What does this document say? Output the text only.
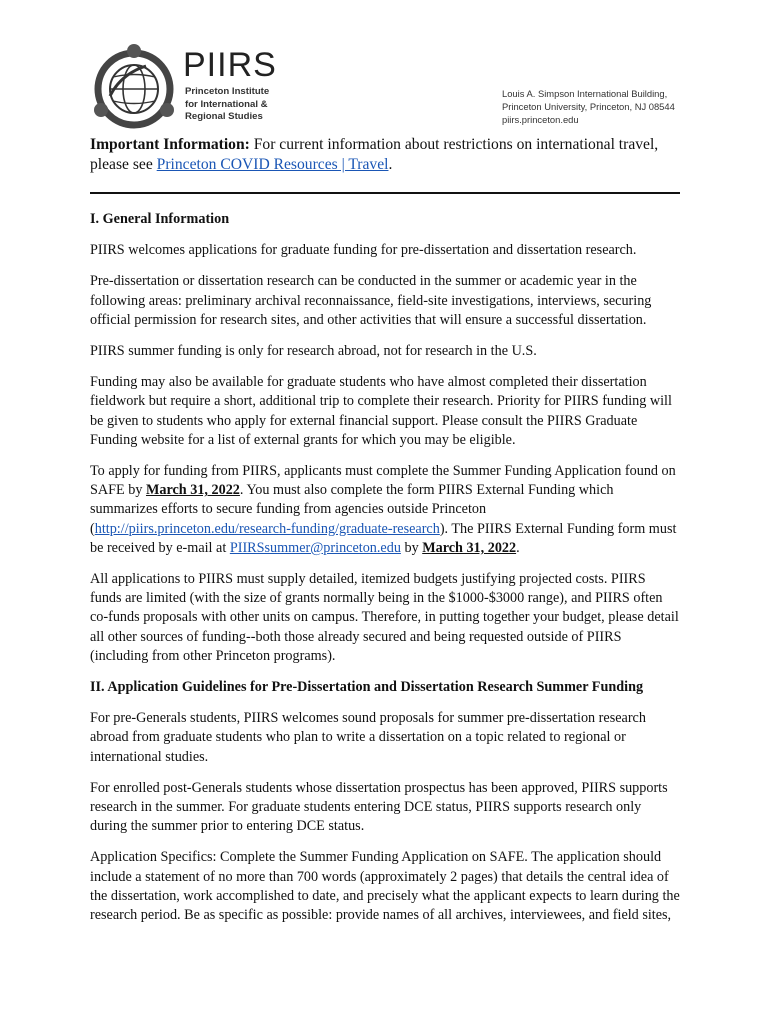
PIIRS
Princeton Institute
for International &
Regional Studies
Louis A. Simpson International Building,
Princeton University, Princeton, NJ 08544
piirs.princeton.edu
Important Information: For current information about restrictions on international travel, please see Princeton COVID Resources | Travel.
I. General Information

PIIRS welcomes applications for graduate funding for pre-dissertation and dissertation research.

Pre-dissertation or dissertation research can be conducted in the summer or academic year in the following areas: preliminary archival reconnaissance, field-site investigations, interviews, securing official permission for research sites, and other activities that will ensure a successful dissertation.

PIIRS summer funding is only for research abroad, not for research in the U.S.

Funding may also be available for graduate students who have almost completed their dissertation fieldwork but require a short, additional trip to complete their research. Priority for PIIRS funding will be given to students who apply for external financial support. Please consult the PIIRS Graduate Funding website for a list of external grants for which you may be eligible.

To apply for funding from PIIRS, applicants must complete the Summer Funding Application found on SAFE by March 31, 2022. You must also complete the form PIIRS External Funding which summarizes efforts to secure funding from agencies outside Princeton (http://piirs.princeton.edu/research-funding/graduate-research). The PIIRS External Funding form must be received by e-mail at PIIRSsummer@princeton.edu by March 31, 2022.

All applications to PIIRS must supply detailed, itemized budgets justifying projected costs. PIIRS funds are limited (with the size of grants normally being in the $1000-$3000 range), and PIIRS often co-funds proposals with other units on campus. Therefore, in putting together your budget, please detail all other sources of funding--both those already secured and being requested outside of PIIRS (including from other Princeton programs).

II. Application Guidelines for Pre-Dissertation and Dissertation Research Summer Funding

For pre-Generals students, PIIRS welcomes sound proposals for summer pre-dissertation research abroad from graduate students who plan to write a dissertation on a topic related to regional or international studies.

For enrolled post-Generals students whose dissertation prospectus has been approved, PIIRS supports research in the summer. For graduate students entering DCE status, PIIRS supports research only during the summer prior to entering DCE status.

Application Specifics: Complete the Summer Funding Application on SAFE. The application should include a statement of no more than 700 words (approximately 2 pages) that details the central idea of the dissertation, work accomplished to date, and precisely what the applicant expects to learn during the research period. Be as specific as possible: provide names of all archives, interviewees, and field sites,
